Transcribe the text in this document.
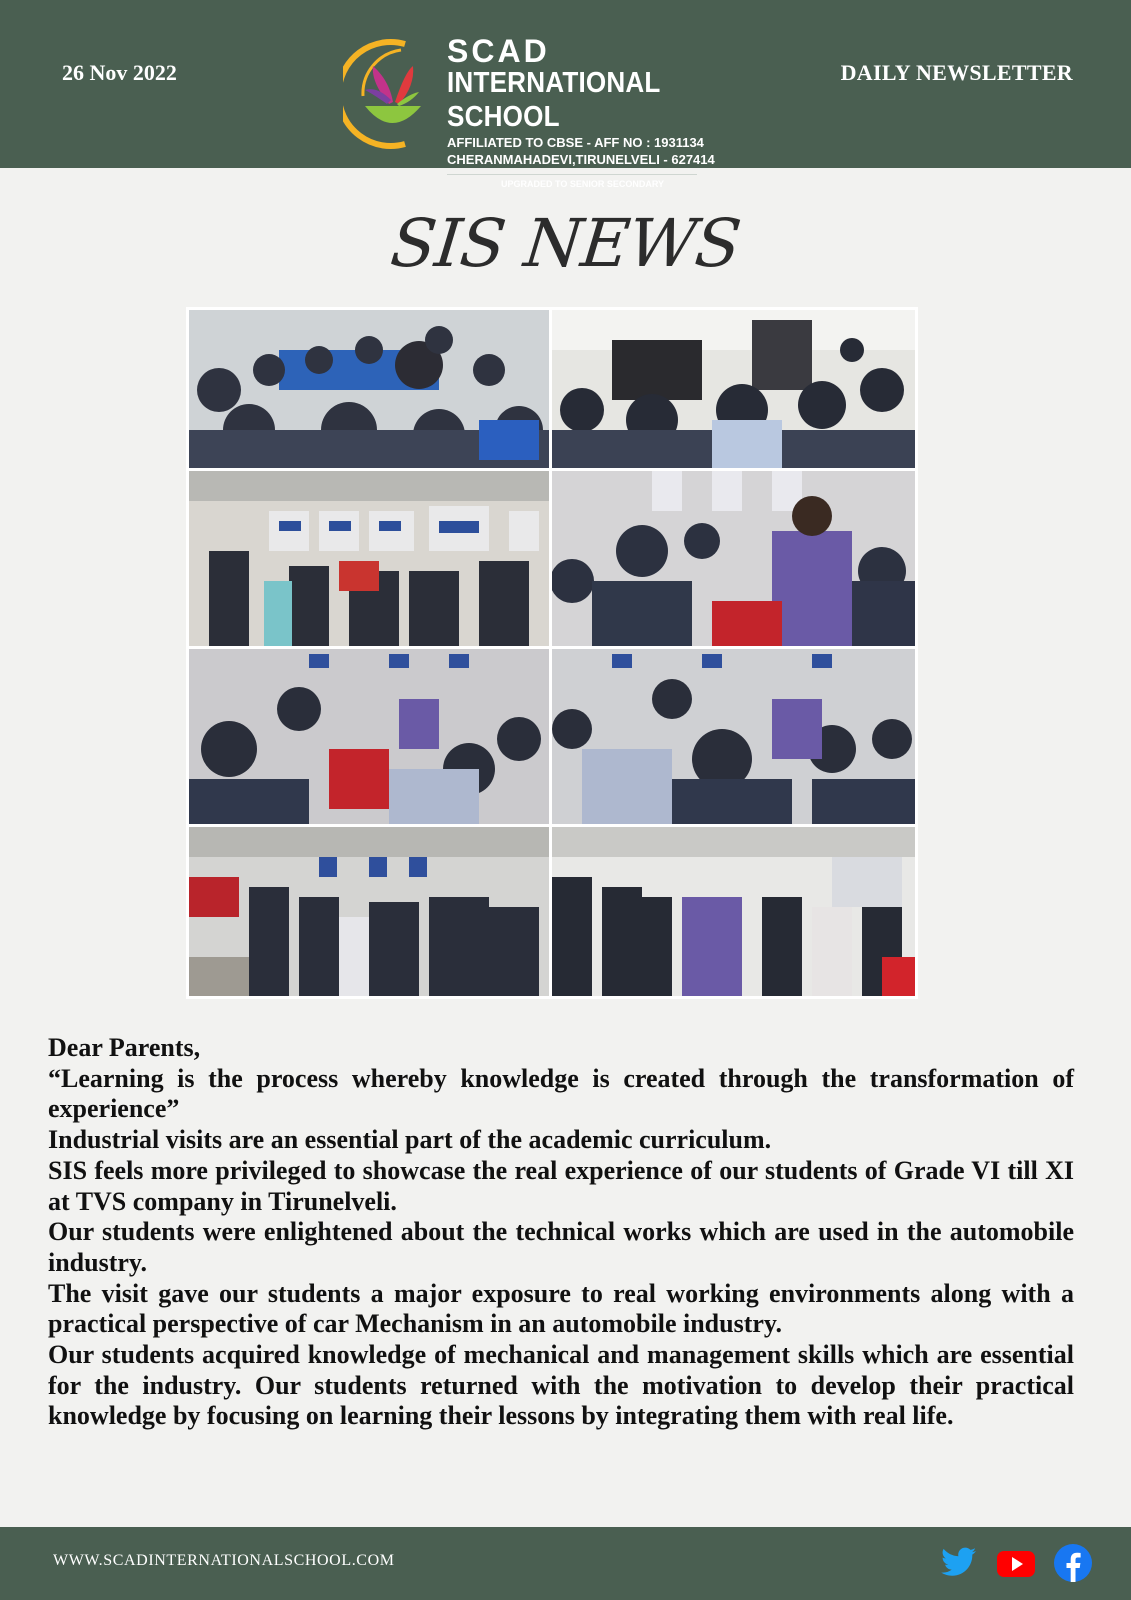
26 Nov 2022
SCAD
INTERNATIONAL SCHOOL
AFFILIATED TO CBSE - AFF NO : 1931134
CHERANMAHADEVI,TIRUNELVELI - 627414
UPGRADED TO SENIOR SECONDARY
DAILY NEWSLETTER
SIS NEWS

Dear Parents,

“Learning is the process whereby knowledge is created through the transformation of experience”

Industrial visits are an essential part of the academic curriculum.

SIS feels more privileged to showcase the real experience of our students of Grade VI till XI at TVS company in Tirunelveli.

Our students were enlightened about the technical works which are used in the automobile industry.

The visit gave our students a major exposure to real working environments along with a practical perspective of car Mechanism in an automobile industry.

Our students acquired knowledge of mechanical and management skills which are essential for the industry. Our students returned with the motivation to develop their practical knowledge by focusing on learning their lessons by integrating them with real life.

WWW.SCADINTERNATIONALSCHOOL.COM
